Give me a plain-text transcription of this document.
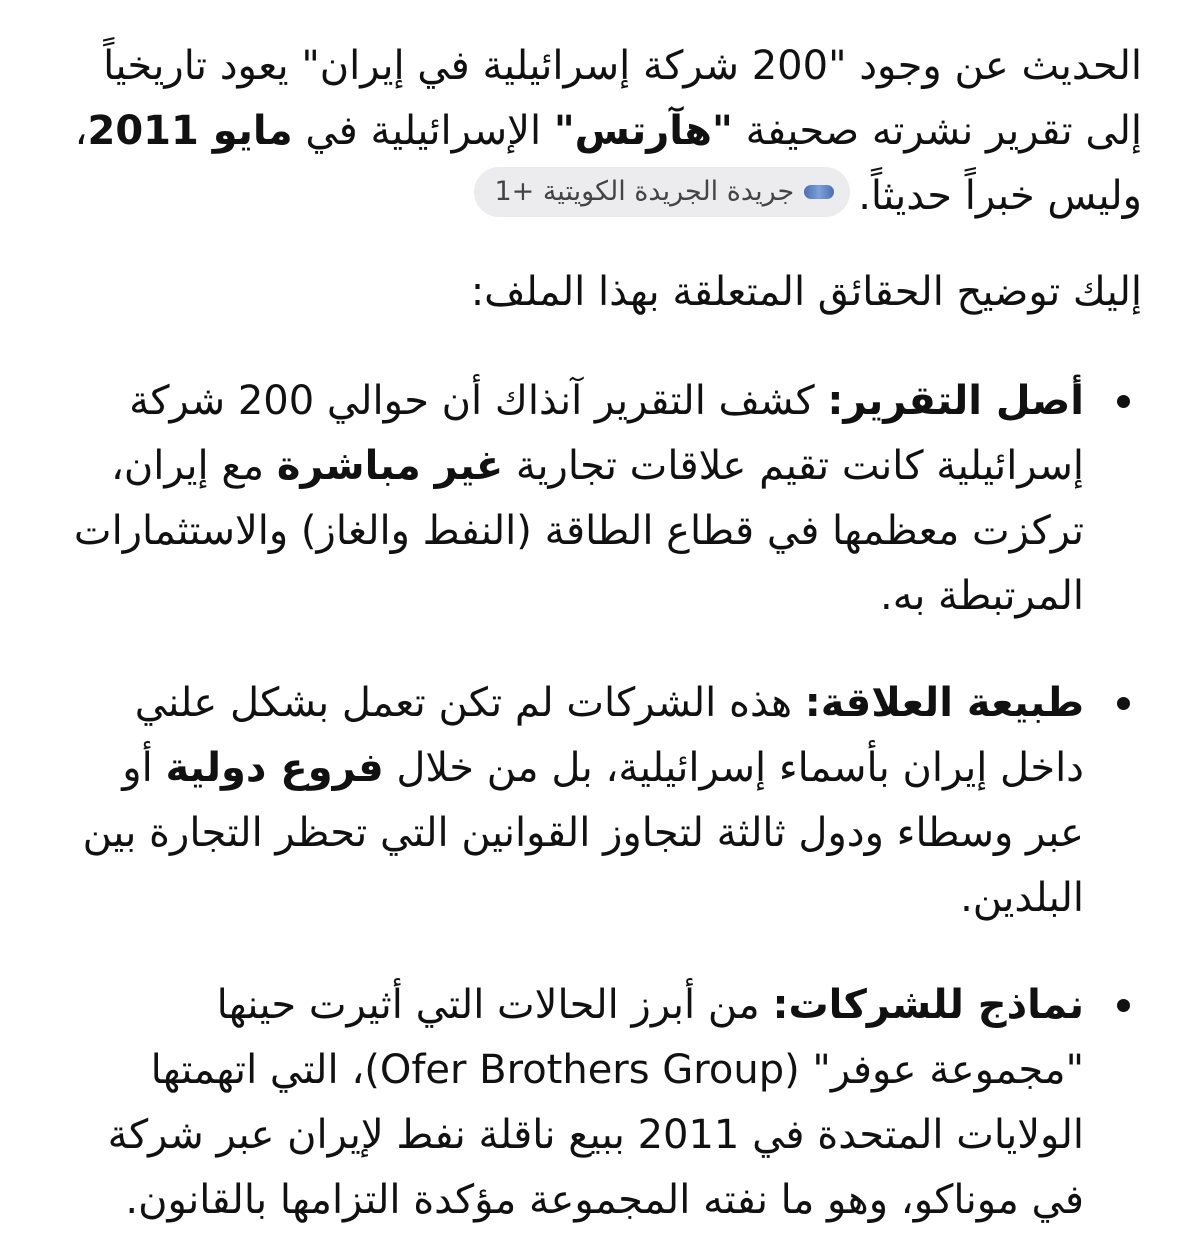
الحديث عن وجود "200 شركة إسرائيلية في إيران" يعود تاريخياً إلى تقرير نشرته صحيفة "هآرتس" الإسرائيلية في مايو 2011، وليس خبراً حديثاً.
جريدة الجريدة الكويتية +1

إليك توضيح الحقائق المتعلقة بهذا الملف:

أصل التقرير: كشف التقرير آنذاك أن حوالي 200 شركة إسرائيلية كانت تقيم علاقات تجارية غير مباشرة مع إيران، تركزت معظمها في قطاع الطاقة (النفط والغاز) والاستثمارات المرتبطة به.

طبيعة العلاقة: هذه الشركات لم تكن تعمل بشكل علني داخل إيران بأسماء إسرائيلية، بل من خلال فروع دولية أو عبر وسطاء ودول ثالثة لتجاوز القوانين التي تحظر التجارة بين البلدين.

نماذج للشركات: من أبرز الحالات التي أثيرت حينها "مجموعة عوفر" (Ofer Brothers Group)، التي اتهمتها الولايات المتحدة في 2011 ببيع ناقلة نفط لإيران عبر شركة في موناكو، وهو ما نفته المجموعة مؤكدة التزامها بالقانون.
